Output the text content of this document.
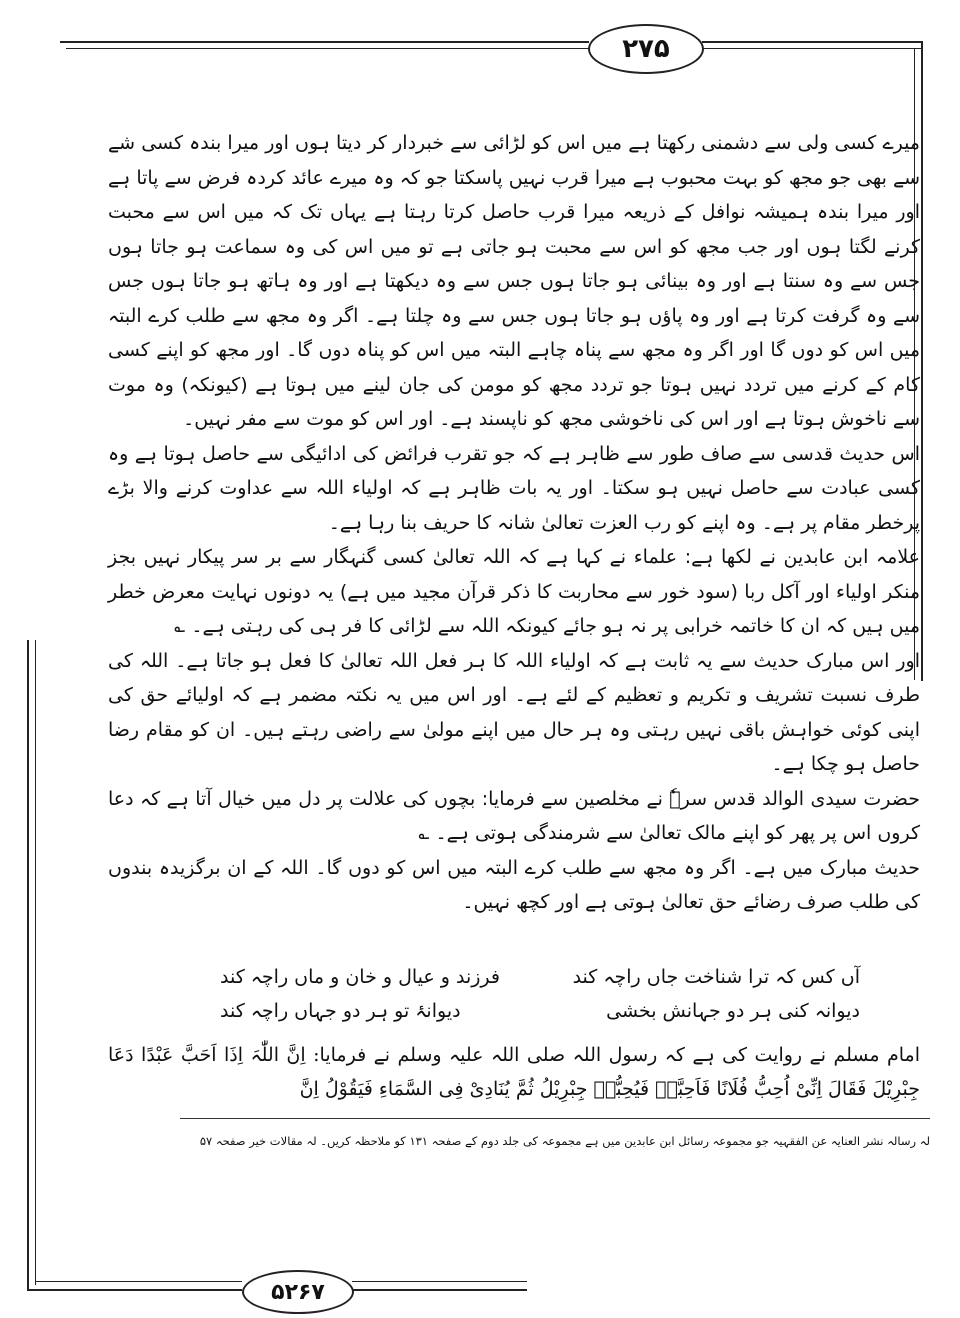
۲۷۵

میرے کسی ولی سے دشمنی رکھتا ہے میں اس کو لڑائی سے خبردار کر دیتا ہوں اور میرا بندہ کسی شے سے بھی جو مجھ کو بہت محبوب ہے میرا قرب نہیں پاسکتا جو کہ وہ میرے عائد کردہ فرض سے پاتا ہے اور میرا بندہ ہمیشہ نوافل کے ذریعہ میرا قرب حاصل کرتا رہتا ہے یہاں تک کہ میں اس سے محبت کرنے لگتا ہوں اور جب مجھ کو اس سے محبت ہو جاتی ہے تو میں اس کی وہ سماعت ہو جاتا ہوں جس سے وہ سنتا ہے اور وہ بینائی ہو جاتا ہوں جس سے وہ دیکھتا ہے اور وہ ہاتھ ہو جاتا ہوں جس سے وہ گرفت کرتا ہے اور وہ پاؤں ہو جاتا ہوں جس سے وہ چلتا ہے۔ اگر وہ مجھ سے طلب کرے البتہ میں اس کو دوں گا اور اگر وہ مجھ سے پناہ چاہے البتہ میں اس کو پناہ دوں گا۔ اور مجھ کو اپنے کسی کام کے کرنے میں تردد نہیں ہوتا جو تردد مجھ کو مومن کی جان لینے میں ہوتا ہے (کیونکہ) وہ موت سے ناخوش ہوتا ہے اور اس کی ناخوشی مجھ کو ناپسند ہے۔ اور اس کو موت سے مفر نہیں۔

اس حدیث قدسی سے صاف طور سے ظاہر ہے کہ جو تقرب فرائض کی ادائیگی سے حاصل ہوتا ہے وہ کسی عبادت سے حاصل نہیں ہو سکتا۔ اور یہ بات ظاہر ہے کہ اولیاء اللہ سے عداوت کرنے والا بڑے پرخطر مقام پر ہے۔ وہ اپنے کو رب العزت تعالیٰ شانہ کا حریف بنا رہا ہے۔

علامہ ابن عابدین نے لکھا ہے: علماء نے کہا ہے کہ اللہ تعالیٰ کسی گنہگار سے بر سر پیکار نہیں بجز منکر اولیاء اور آکل ربا (سود خور سے محاربت کا ذکر قرآن مجید میں ہے) یہ دونوں نہایت معرض خطر میں ہیں کہ ان کا خاتمہ خرابی پر نہ ہو جائے کیونکہ اللہ سے لڑائی کا فر ہی کی رہتی ہے۔ ؎

اور اس مبارک حدیث سے یہ ثابت ہے کہ اولیاء اللہ کا ہر فعل اللہ تعالیٰ کا فعل ہو جاتا ہے۔ اللہ کی طرف نسبت تشریف و تکریم و تعظیم کے لئے ہے۔ اور اس میں یہ نکتہ مضمر ہے کہ اولیائے حق کی اپنی کوئی خواہش باقی نہیں رہتی وہ ہر حال میں اپنے مولیٰ سے راضی رہتے ہیں۔ ان کو مقام رضا حاصل ہو چکا ہے۔

حضرت سیدی الوالد قدس سرہٗ نے مخلصین سے فرمایا: بچوں کی علالت پر دل میں خیال آتا ہے کہ دعا کروں اس پر پھر کو اپنے مالک تعالیٰ سے شرمندگی ہوتی ہے۔ ؎

حدیث مبارک میں ہے۔ اگر وہ مجھ سے طلب کرے البتہ میں اس کو دوں گا۔ اللہ کے ان برگزیدہ بندوں کی طلب صرف رضائے حق تعالیٰ ہوتی ہے اور کچھ نہیں۔

آں کس کہ ترا شناخت جاں راچہ کند
فرزند و عیال و خان و ماں راچہ کند
دیوانہ کنی ہر دو جہانش بخشی
دیوانۂ تو ہر دو جہاں راچہ کند
امام مسلم نے روایت کی ہے کہ رسول اللہ صلی اللہ علیہ وسلم نے فرمایا: اِنَّ اللّٰہَ اِذَا اَحَبَّ عَبْدًا دَعَا جِبْرِیْلَ فَقَالَ اِنِّیْ اُحِبُّ فُلَانًا فَاَحِبَّہٗ فَیُحِبُّہٗ جِبْرِیْلُ ثُمَّ یُنَادِیْ فِی السَّمَاءِ فَیَقُوْلُ اِنَّ
لہ رسالہ نشر العنایہ عن الفقہیہ جو مجموعہ رسائل ابن عابدین میں ہے مجموعہ کی جلد دوم کے صفحہ ۱۳۱ کو ملاحظہ کریں۔ لہ مقالات خیر صفحہ ۵۷
۵۲۶۷
